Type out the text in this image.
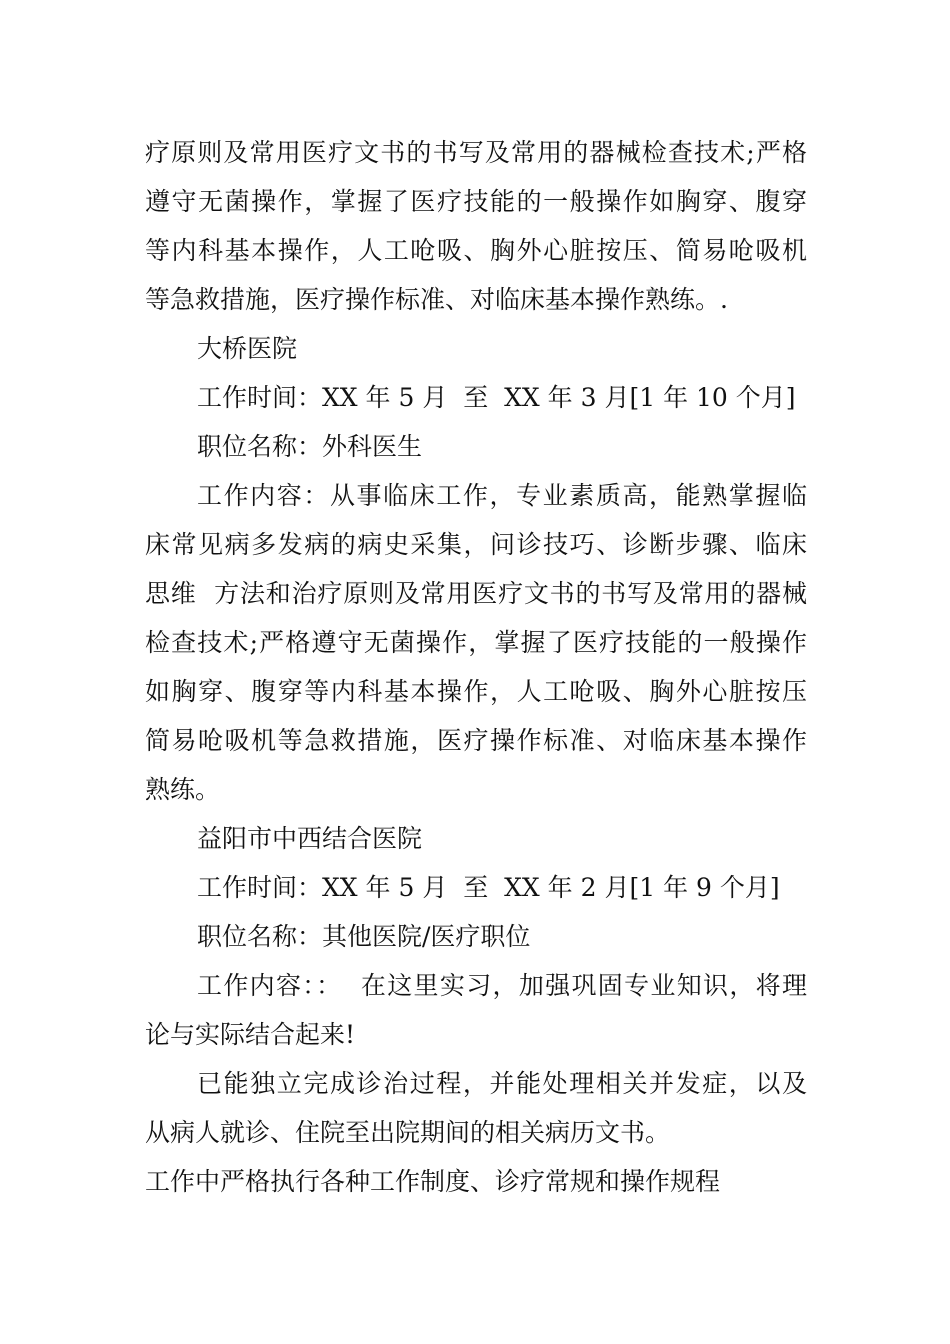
疗原则及常用医疗文书的书写及常用的器械检查技术;严格
遵守无菌操作，掌握了医疗技能的一般操作如胸穿、腹穿
等内科基本操作，人工呛吸、胸外心脏按压、简易呛吸机
等急救措施，医疗操作标准、对临床基本操作熟练。.
大桥医院
工作时间：XX 年 5 月  至  XX 年 3 月[1 年 10 个月]
职位名称：外科医生
工作内容：从事临床工作，专业素质高，能熟掌握临
床常见病多发病的病史采集，问诊技巧、诊断步骤、临床
思维  方法和治疗原则及常用医疗文书的书写及常用的器械
检查技术;严格遵守无菌操作，掌握了医疗技能的一般操作
如胸穿、腹穿等内科基本操作，人工呛吸、胸外心脏按压
简易呛吸机等急救措施，医疗操作标准、对临床基本操作
熟练。
益阳市中西结合医院
工作时间：XX 年 5 月  至  XX 年 2 月[1 年 9 个月]
职位名称：其他医院/医疗职位
工作内容：：  在这里实习，加强巩固专业知识，将理
论与实际结合起来!
已能独立完成诊治过程，并能处理相关并发症，以及
从病人就诊、住院至出院期间的相关病历文书。
工作中严格执行各种工作制度、诊疗常规和操作规程
